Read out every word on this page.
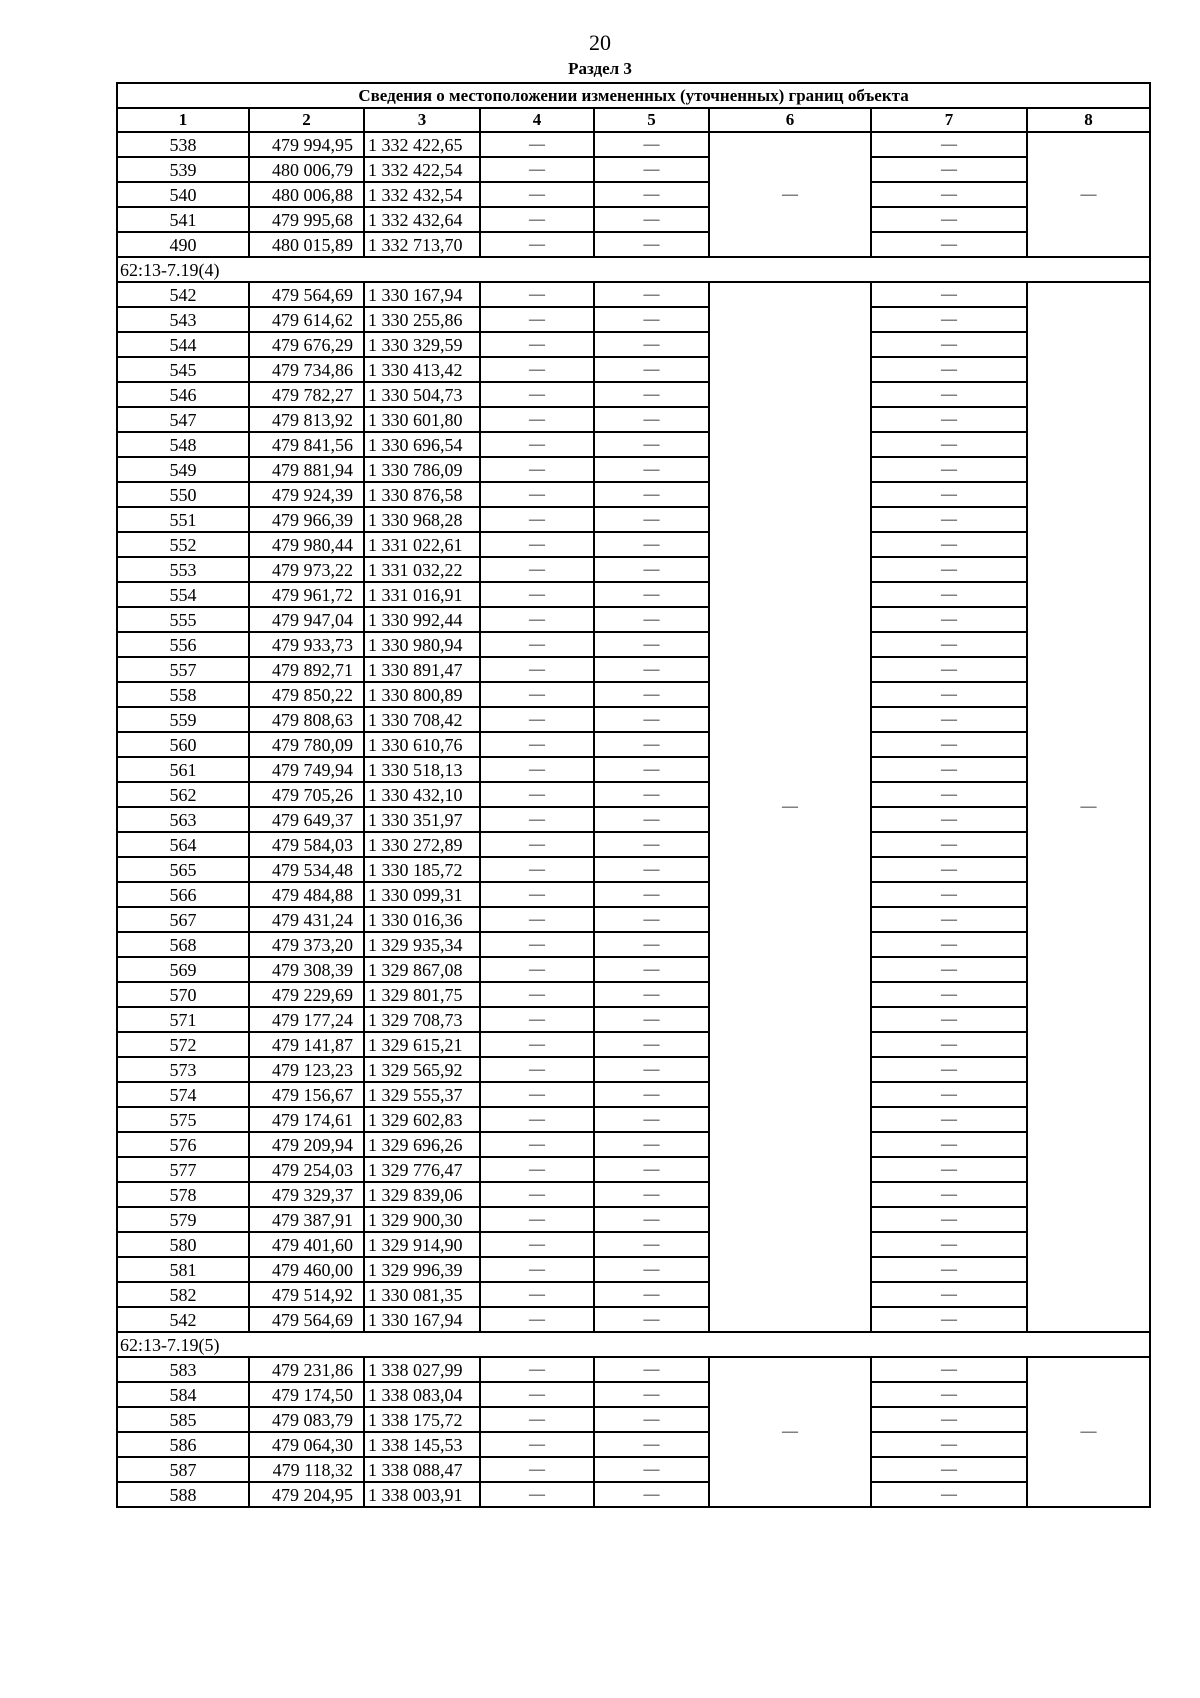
20
Раздел 3
Сведения о местоположении измененных (уточненных) границ объекта							
1	2	3	4	5	6	7	8
538	479 994,95	1 332 422,65	—	—	—	—	—
539	480 006,79	1 332 422,54	—	—		—	
540	480 006,88	1 332 432,54	—	—		—	
541	479 995,68	1 332 432,64	—	—		—	
490	480 015,89	1 332 713,70	—	—		—	
62:13-7.19(4)							
542	479 564,69	1 330 167,94	—	—	—	—	—
543	479 614,62	1 330 255,86	—	—		—	
544	479 676,29	1 330 329,59	—	—		—	
545	479 734,86	1 330 413,42	—	—		—	
546	479 782,27	1 330 504,73	—	—		—	
547	479 813,92	1 330 601,80	—	—		—	
548	479 841,56	1 330 696,54	—	—		—	
549	479 881,94	1 330 786,09	—	—		—	
550	479 924,39	1 330 876,58	—	—		—	
551	479 966,39	1 330 968,28	—	—		—	
552	479 980,44	1 331 022,61	—	—		—	
553	479 973,22	1 331 032,22	—	—		—	
554	479 961,72	1 331 016,91	—	—		—	
555	479 947,04	1 330 992,44	—	—		—	
556	479 933,73	1 330 980,94	—	—		—	
557	479 892,71	1 330 891,47	—	—		—	
558	479 850,22	1 330 800,89	—	—		—	
559	479 808,63	1 330 708,42	—	—		—	
560	479 780,09	1 330 610,76	—	—		—	
561	479 749,94	1 330 518,13	—	—		—	
562	479 705,26	1 330 432,10	—	—		—	
563	479 649,37	1 330 351,97	—	—		—	
564	479 584,03	1 330 272,89	—	—		—	
565	479 534,48	1 330 185,72	—	—		—	
566	479 484,88	1 330 099,31	—	—		—	
567	479 431,24	1 330 016,36	—	—		—	
568	479 373,20	1 329 935,34	—	—		—	
569	479 308,39	1 329 867,08	—	—		—	
570	479 229,69	1 329 801,75	—	—		—	
571	479 177,24	1 329 708,73	—	—		—	
572	479 141,87	1 329 615,21	—	—		—	
573	479 123,23	1 329 565,92	—	—		—	
574	479 156,67	1 329 555,37	—	—		—	
575	479 174,61	1 329 602,83	—	—		—	
576	479 209,94	1 329 696,26	—	—		—	
577	479 254,03	1 329 776,47	—	—		—	
578	479 329,37	1 329 839,06	—	—		—	
579	479 387,91	1 329 900,30	—	—		—	
580	479 401,60	1 329 914,90	—	—		—	
581	479 460,00	1 329 996,39	—	—		—	
582	479 514,92	1 330 081,35	—	—		—	
542	479 564,69	1 330 167,94	—	—		—	
62:13-7.19(5)							
583	479 231,86	1 338 027,99	—	—	—	—	—
584	479 174,50	1 338 083,04	—	—		—	
585	479 083,79	1 338 175,72	—	—		—	
586	479 064,30	1 338 145,53	—	—		—	
587	479 118,32	1 338 088,47	—	—		—	
588	479 204,95	1 338 003,91	—	—		—	
